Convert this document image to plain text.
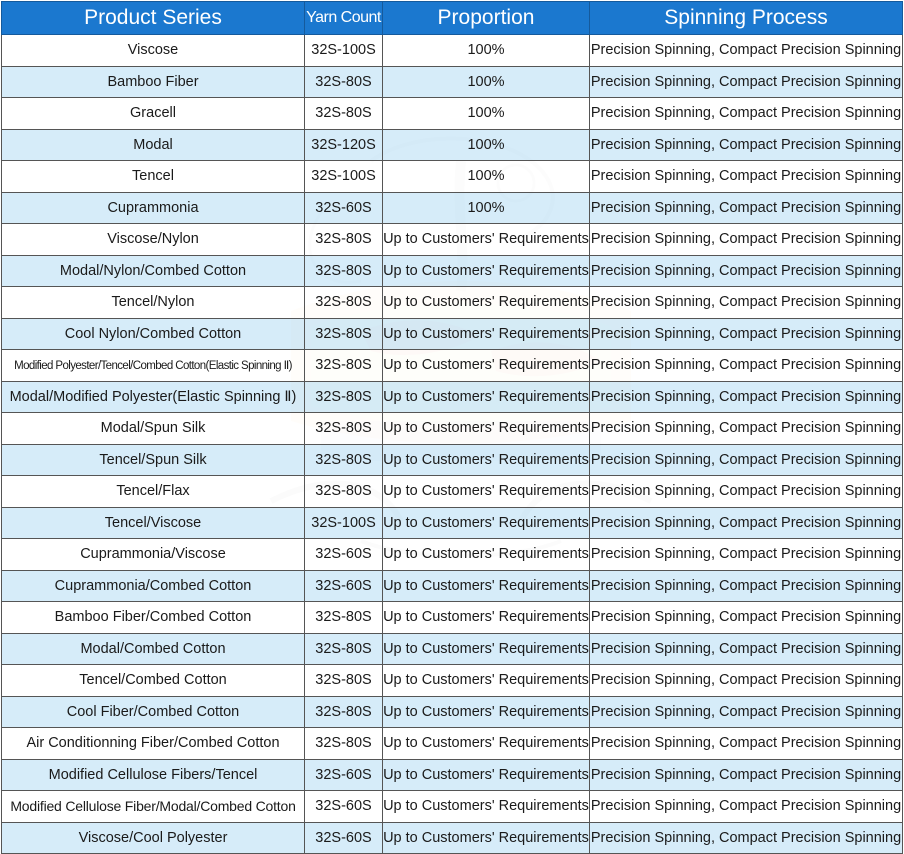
Product Series	Yarn Count	Proportion	Spinning Process
Viscose	32S-100S	100%	Precision Spinning, Compact Precision Spinning
Bamboo Fiber	32S-80S	100%	Precision Spinning, Compact Precision Spinning
Gracell	32S-80S	100%	Precision Spinning, Compact Precision Spinning
Modal	32S-120S	100%	Precision Spinning, Compact Precision Spinning
Tencel	32S-100S	100%	Precision Spinning, Compact Precision Spinning
Cuprammonia	32S-60S	100%	Precision Spinning, Compact Precision Spinning
Viscose/Nylon	32S-80S	Up to Customers' Requirements	Precision Spinning, Compact Precision Spinning
Modal/Nylon/Combed Cotton	32S-80S	Up to Customers' Requirements	Precision Spinning, Compact Precision Spinning
Tencel/Nylon	32S-80S	Up to Customers' Requirements	Precision Spinning, Compact Precision Spinning
Cool Nylon/Combed Cotton	32S-80S	Up to Customers' Requirements	Precision Spinning, Compact Precision Spinning
Modified Polyester/Tencel/Combed Cotton(Elastic Spinning Ⅱ)	32S-80S	Up to Customers' Requirements	Precision Spinning, Compact Precision Spinning
Modal/Modified Polyester(Elastic Spinning Ⅱ)	32S-80S	Up to Customers' Requirements	Precision Spinning, Compact Precision Spinning
Modal/Spun Silk	32S-80S	Up to Customers' Requirements	Precision Spinning, Compact Precision Spinning
Tencel/Spun Silk	32S-80S	Up to Customers' Requirements	Precision Spinning, Compact Precision Spinning
Tencel/Flax	32S-80S	Up to Customers' Requirements	Precision Spinning, Compact Precision Spinning
Tencel/Viscose	32S-100S	Up to Customers' Requirements	Precision Spinning, Compact Precision Spinning
Cuprammonia/Viscose	32S-60S	Up to Customers' Requirements	Precision Spinning, Compact Precision Spinning
Cuprammonia/Combed Cotton	32S-60S	Up to Customers' Requirements	Precision Spinning, Compact Precision Spinning
Bamboo Fiber/Combed Cotton	32S-80S	Up to Customers' Requirements	Precision Spinning, Compact Precision Spinning
Modal/Combed Cotton	32S-80S	Up to Customers' Requirements	Precision Spinning, Compact Precision Spinning
Tencel/Combed Cotton	32S-80S	Up to Customers' Requirements	Precision Spinning, Compact Precision Spinning
Cool Fiber/Combed Cotton	32S-80S	Up to Customers' Requirements	Precision Spinning, Compact Precision Spinning
Air Conditionning Fiber/Combed Cotton	32S-80S	Up to Customers' Requirements	Precision Spinning, Compact Precision Spinning
Modified Cellulose Fibers/Tencel	32S-60S	Up to Customers' Requirements	Precision Spinning, Compact Precision Spinning
Modified Cellulose Fiber/Modal/Combed Cotton	32S-60S	Up to Customers' Requirements	Precision Spinning, Compact Precision Spinning
Viscose/Cool Polyester	32S-60S	Up to Customers' Requirements	Precision Spinning, Compact Precision Spinning
